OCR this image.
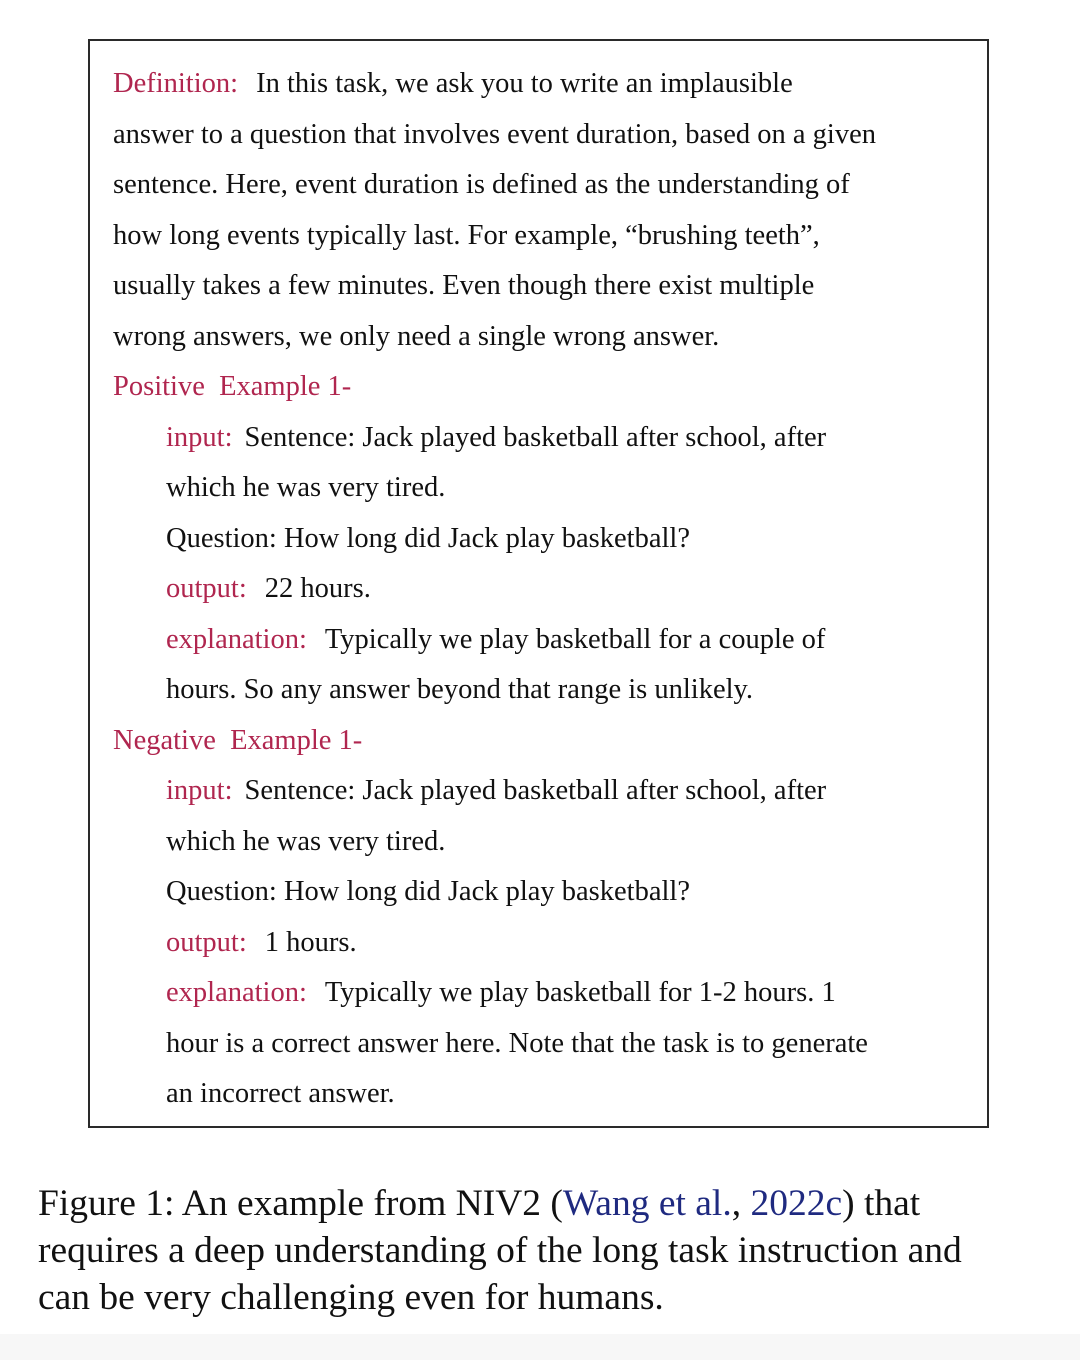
Definition: In this task, we ask you to write an implausible
answer to a question that involves event duration, based on a given
sentence. Here, event duration is defined as the understanding of
how long events typically last. For example, “brushing teeth”,
usually takes a few minutes. Even though there exist multiple
wrong answers, we only need a single wrong answer.
Positive  Example 1-
input: Sentence: Jack played basketball after school, after
which he was very tired.
Question: How long did Jack play basketball?
output: 22 hours.
explanation: Typically we play basketball for a couple of
hours. So any answer beyond that range is unlikely.
Negative  Example 1-
input: Sentence: Jack played basketball after school, after
which he was very tired.
Question: How long did Jack play basketball?
output: 1 hours.
explanation: Typically we play basketball for 1-2 hours. 1
hour is a correct answer here. Note that the task is to generate
an incorrect answer.
Figure 1: An example from NIV2 (Wang et al., 2022c) that
requires a deep understanding of the long task instruction and
can be very challenging even for humans.
